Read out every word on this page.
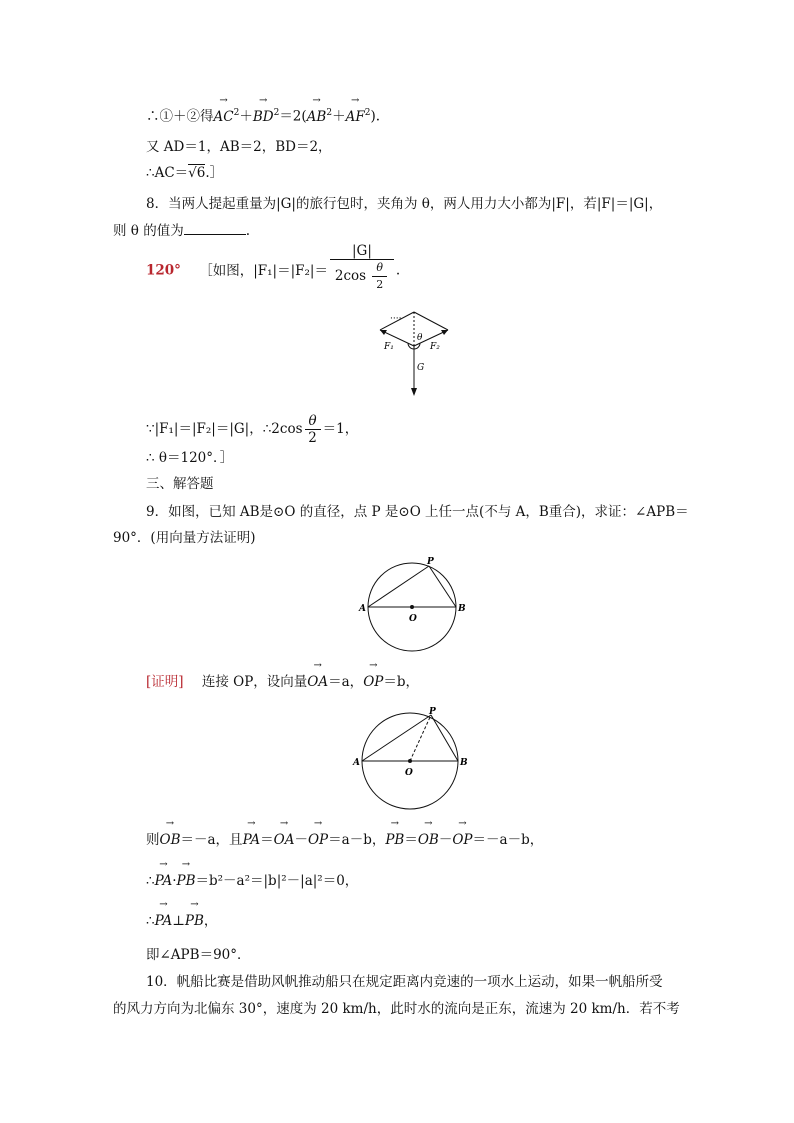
∴①＋②得→ $AC^2+\to BD^2=2(\to AB^2+\to AF^2)$.
又 AD＝1，AB＝2，BD＝2，
∴AC＝√6.］
8．当两人提起重量为|G|的旅行包时，夹角为 θ，两人用力大小都为|F|，若|F|＝|G|，
则 θ 的值为	.
120° ［如图，$|F_1|=|F_2|= \frac{|G|}{2\cos \frac{\theta}{2}}$ .
····
θ
F₁	F₂
G
∵|F₁|＝|F₂|＝|G|，∴2cos $\frac{\theta}{2} =1$，
∴ θ＝120°．］
三、解答题
9．如图，已知 AB是⊙O 的直径，点 P 是⊙O 上任一点(不与 A，B重合)，求证：∠APB＝
90°．(用向量方法证明)
A	B
O
P
[证明] 连接 OP，设向量→ OA＝a，→ OP＝b，
A	B
O
P
则→ OB＝－a，且→ PA＝→ OA－→ OP＝a－b，→ PB＝→ OB－→ OP＝－a－b，
∴→ PA·→ PB＝b²－a²＝|b|²－|a|²＝0，
∴→ PA⊥→ PB，
即∠APB＝90°．
10．帆船比赛是借助风帆推动船只在规定距离内竞速的一项水上运动，如果一帆船所受
的风力方向为北偏东 30°，速度为 20 km/h，此时水的流向是正东，流速为 20 km/h．若不考
